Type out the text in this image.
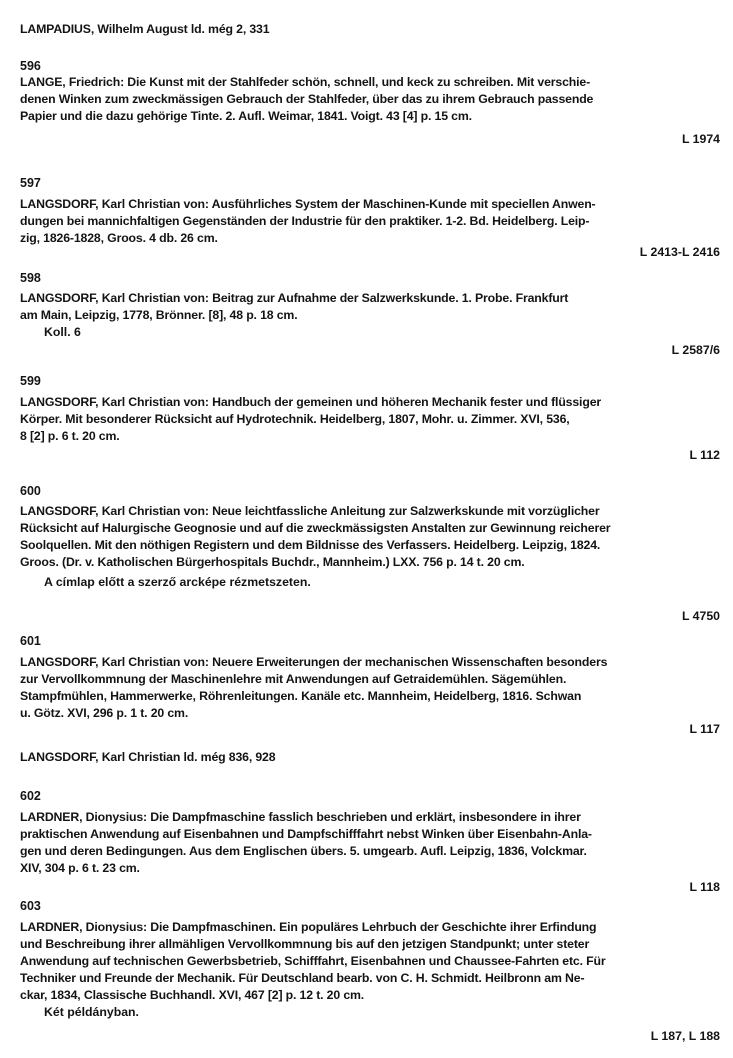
LAMPADIUS, Wilhelm August ld. még 2, 331
596
LANGE, Friedrich: Die Kunst mit der Stahlfeder schön, schnell, und keck zu schreiben. Mit verschie-
denen Winken zum zweckmässigen Gebrauch der Stahlfeder, über das zu ihrem Gebrauch passende
Papier und die dazu gehörige Tinte. 2. Aufl. Weimar, 1841. Voigt. 43 [4] p. 15 cm.
L 1974
597
LANGSDORF, Karl Christian von: Ausführliches System der Maschinen-Kunde mit speciellen Anwen-
dungen bei mannichfaltigen Gegenständen der Industrie für den praktiker. 1-2. Bd. Heidelberg. Leip-
zig, 1826-1828, Groos. 4 db. 26 cm.
L 2413-L 2416
598
LANGSDORF, Karl Christian von: Beitrag zur Aufnahme der Salzwerkskunde. 1. Probe. Frankfurt
am Main, Leipzig, 1778, Brönner. [8], 48 p. 18 cm.
Koll. 6
L 2587/6
599
LANGSDORF, Karl Christian von: Handbuch der gemeinen und höheren Mechanik fester und flüssiger
Körper. Mit besonderer Rücksicht auf Hydrotechnik. Heidelberg, 1807, Mohr. u. Zimmer. XVI, 536,
8 [2] p. 6 t. 20 cm.
L 112
600
LANGSDORF, Karl Christian von: Neue leichtfassliche Anleitung zur Salzwerkskunde mit vorzüglicher
Rücksicht auf Halurgische Geognosie und auf die zweckmässigsten Anstalten zur Gewinnung reicherer
Soolquellen. Mit den nöthigen Registern und dem Bildnisse des Verfassers. Heidelberg. Leipzig, 1824.
Groos. (Dr. v. Katholischen Bürgerhospitals Buchdr., Mannheim.) LXX. 756 p. 14 t. 20 cm.
A címlap előtt a szerző arcképe rézmetszeten.
L 4750
601
LANGSDORF, Karl Christian von: Neuere Erweiterungen der mechanischen Wissenschaften besonders
zur Vervollkommnung der Maschinenlehre mit Anwendungen auf Getraidemühlen. Sägemühlen.
Stampfmühlen, Hammerwerke, Röhrenleitungen. Kanäle etc. Mannheim, Heidelberg, 1816. Schwan
u. Götz. XVI, 296 p. 1 t. 20 cm.
L 117
LANGSDORF, Karl Christian ld. még 836, 928
602
LARDNER, Dionysius: Die Dampfmaschine fasslich beschrieben und erklärt, insbesondere in ihrer
praktischen Anwendung auf Eisenbahnen und Dampfschifffahrt nebst Winken über Eisenbahn-Anla-
gen und deren Bedingungen. Aus dem Englischen übers. 5. umgearb. Aufl. Leipzig, 1836, Volckmar.
XIV, 304 p. 6 t. 23 cm.
L 118
603
LARDNER, Dionysius: Die Dampfmaschinen. Ein populäres Lehrbuch der Geschichte ihrer Erfindung
und Beschreibung ihrer allmähligen Vervollkommnung bis auf den jetzigen Standpunkt; unter steter
Anwendung auf technischen Gewerbsbetrieb, Schifffahrt, Eisenbahnen und Chaussee-Fahrten etc. Für
Techniker und Freunde der Mechanik. Für Deutschland bearb. von C. H. Schmidt. Heilbronn am Ne-
ckar, 1834, Classische Buchhandl. XVI, 467 [2] p. 12 t. 20 cm.
Két példányban.
L 187, L 188
